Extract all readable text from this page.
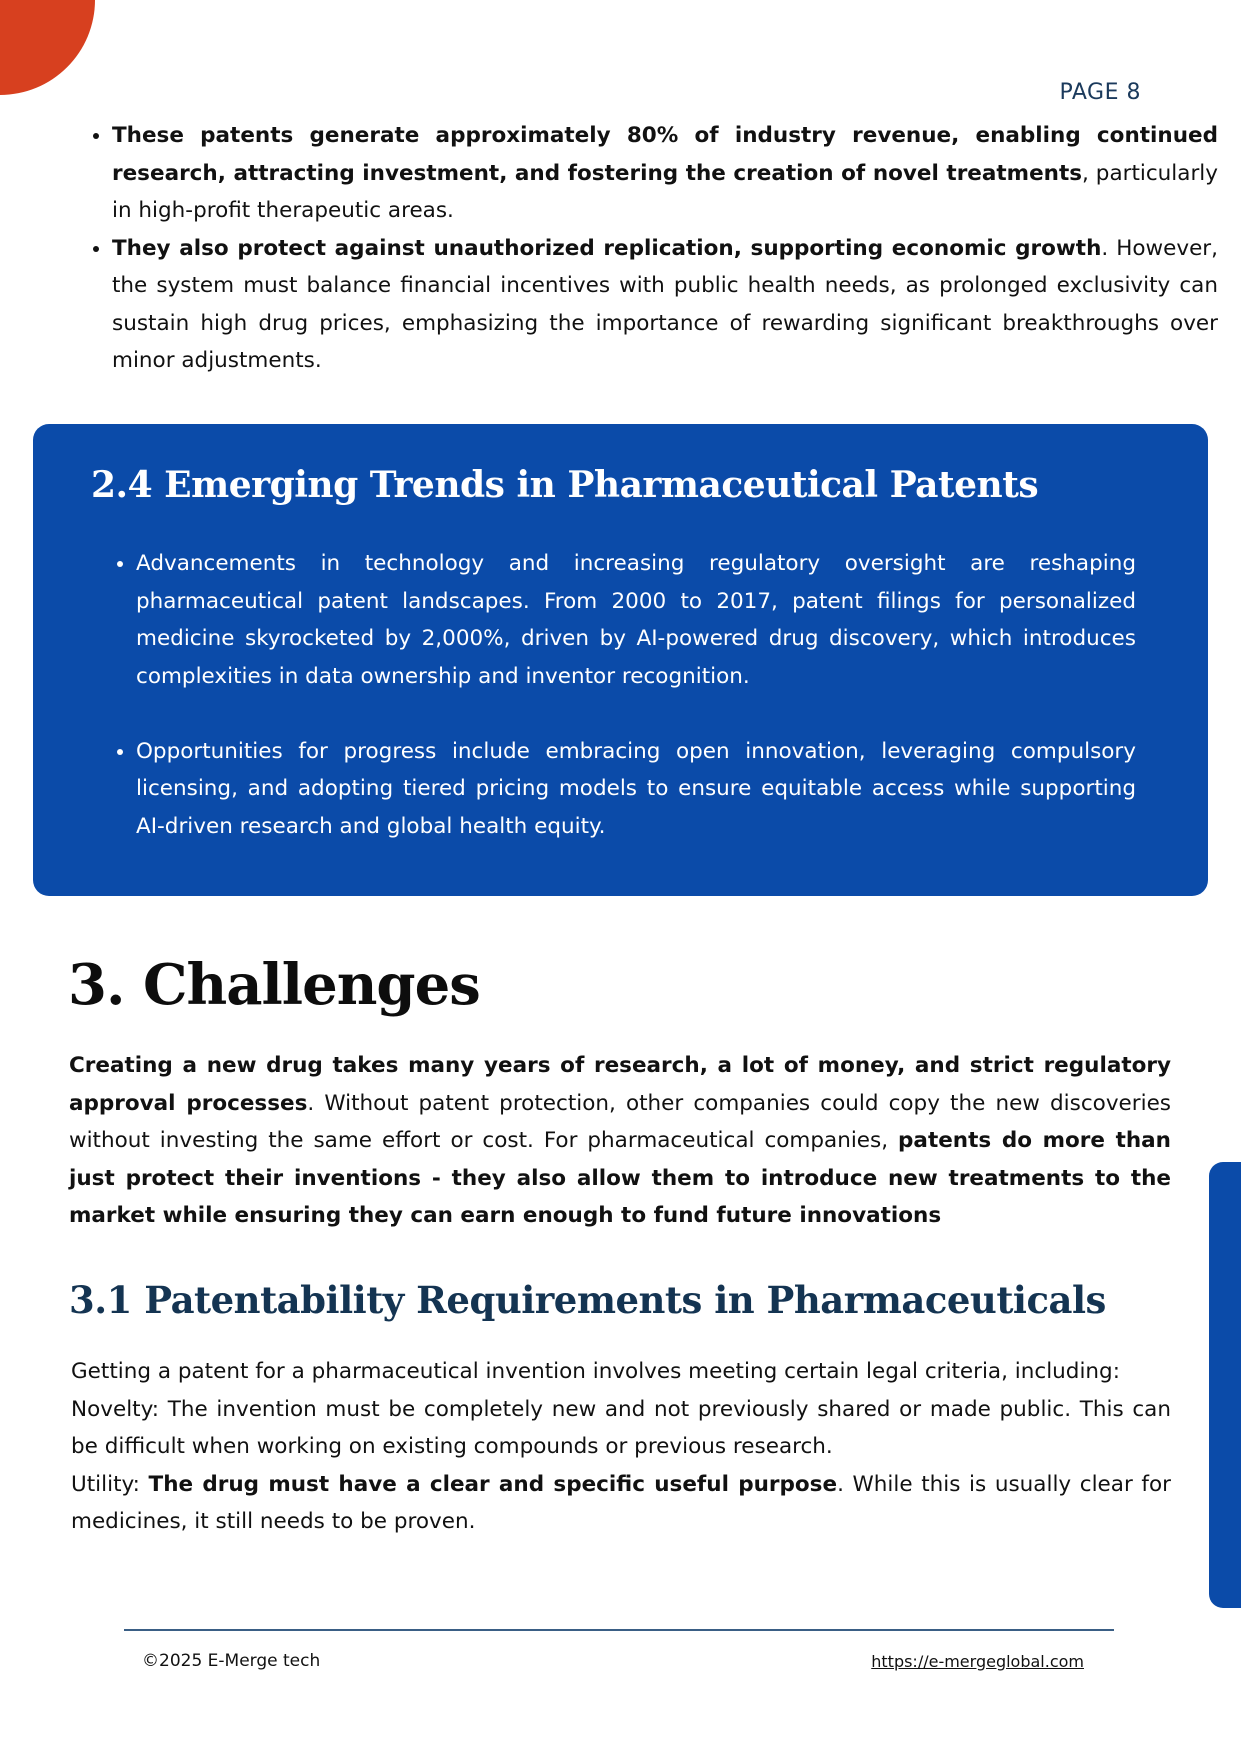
PAGE 8
• These patents generate approximately 80% of industry revenue, enabling continued research, attracting investment, and fostering the creation of novel treatments, particularly in high-profit therapeutic areas.
• They also protect against unauthorized replication, supporting economic growth. However, the system must balance financial incentives with public health needs, as prolonged exclusivity can sustain high drug prices, emphasizing the importance of rewarding significant breakthroughs over minor adjustments.
2.4 Emerging Trends in Pharmaceutical Patents
• Advancements in technology and increasing regulatory oversight are reshaping pharmaceutical patent landscapes. From 2000 to 2017, patent filings for personalized medicine skyrocketed by 2,000%, driven by AI-powered drug discovery, which introduces complexities in data ownership and inventor recognition.
• Opportunities for progress include embracing open innovation, leveraging compulsory licensing, and adopting tiered pricing models to ensure equitable access while supporting AI-driven research and global health equity.
3. Challenges

Creating a new drug takes many years of research, a lot of money, and strict regulatory approval processes. Without patent protection, other companies could copy the new discoveries without investing the same effort or cost. For pharmaceutical companies, patents do more than just protect their inventions - they also allow them to introduce new treatments to the market while ensuring they can earn enough to fund future innovations

3.1 Patentability Requirements in Pharmaceuticals
Getting a patent for a pharmaceutical invention involves meeting certain legal criteria, including:
Novelty: The invention must be completely new and not previously shared or made public. This can be difficult when working on existing compounds or previous research.
Utility: The drug must have a clear and specific useful purpose. While this is usually clear for medicines, it still needs to be proven.
©2025 E-Merge tech	https://e-mergeglobal.com
